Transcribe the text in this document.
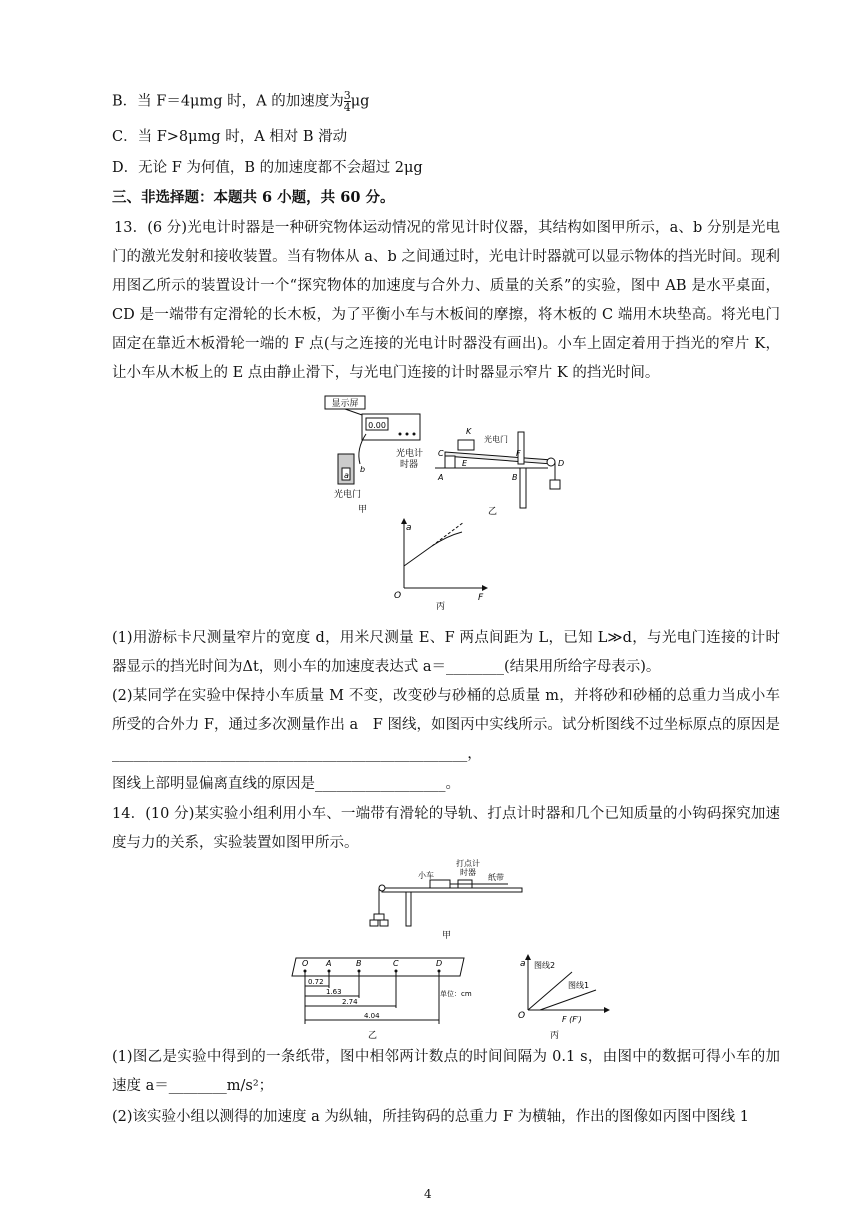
B．当 F＝4μmg 时，A 的加速度为 $\frac{3}{4}$ μg
C．当 F>8μmg 时，A 相对 B 滑动
D．无论 F 为何值，B 的加速度都不会超过 2μg
三、非选择题：本题共 6 小题，共 60 分。
13．(6 分)光电计时器是一种研究物体运动情况的常见计时仪器，其结构如图甲所示，a、b 分别是光电门的激光发射和接收装置。当有物体从 a、b 之间通过时，光电计时器就可以显示物体的挡光时间。现利用图乙所示的装置设计一个“探究物体的加速度与合外力、质量的关系”的实验，图中 AB 是水平桌面，CD 是一端带有定滑轮的长木板，为了平衡小车与木板间的摩擦，将木板的 C 端用木块垫高。将光电门固定在靠近木板滑轮一端的 F 点(与之连接的光电计时器没有画出)。小车上固定着用于挡光的窄片 K，让小车从木板上的 E 点由静止滑下，与光电门连接的计时器显示窄片 K 的挡光时间。
显示屏
0.00
光电计
时器
a
b
光电门
甲
K
光电门
C
E
F
D
A	B
乙
a
O	F
丙
(1)用游标卡尺测量窄片的宽度 d，用米尺测量 E、F 两点间距为 L，已知 L≫d，与光电门连接的计时器显示的挡光时间为Δt，则小车的加速度表达式 a＝________(结果用所给字母表示)。
(2)某同学在实验中保持小车质量 M 不变，改变砂与砂桶的总质量 m，并将砂和砂桶的总重力当成小车所受的合外力 F，通过多次测量作出 a　F 图线，如图丙中实线所示。试分析图线不过坐标原点的原因是_________________________________________________，
图线上部明显偏离直线的原因是__________________。
14．(10 分)某实验小组利用小车、一端带有滑轮的导轨、打点计时器和几个已知质量的小钩码探究加速度与力的关系，实验装置如图甲所示。
打点计
时器
小车	纸带
甲
O A	B	C	D
0.72
1.63
2.74
4.04
单位：cm
乙
a
O	F (F′)
图线2
图线1
丙
(1)图乙是实验中得到的一条纸带，图中相邻两计数点的时间间隔为 0.1 s，由图中的数据可得小车的加速度 a＝________m/s²；
(2)该实验小组以测得的加速度 a 为纵轴，所挂钩码的总重力 F 为横轴，作出的图像如丙图中图线 1
4
